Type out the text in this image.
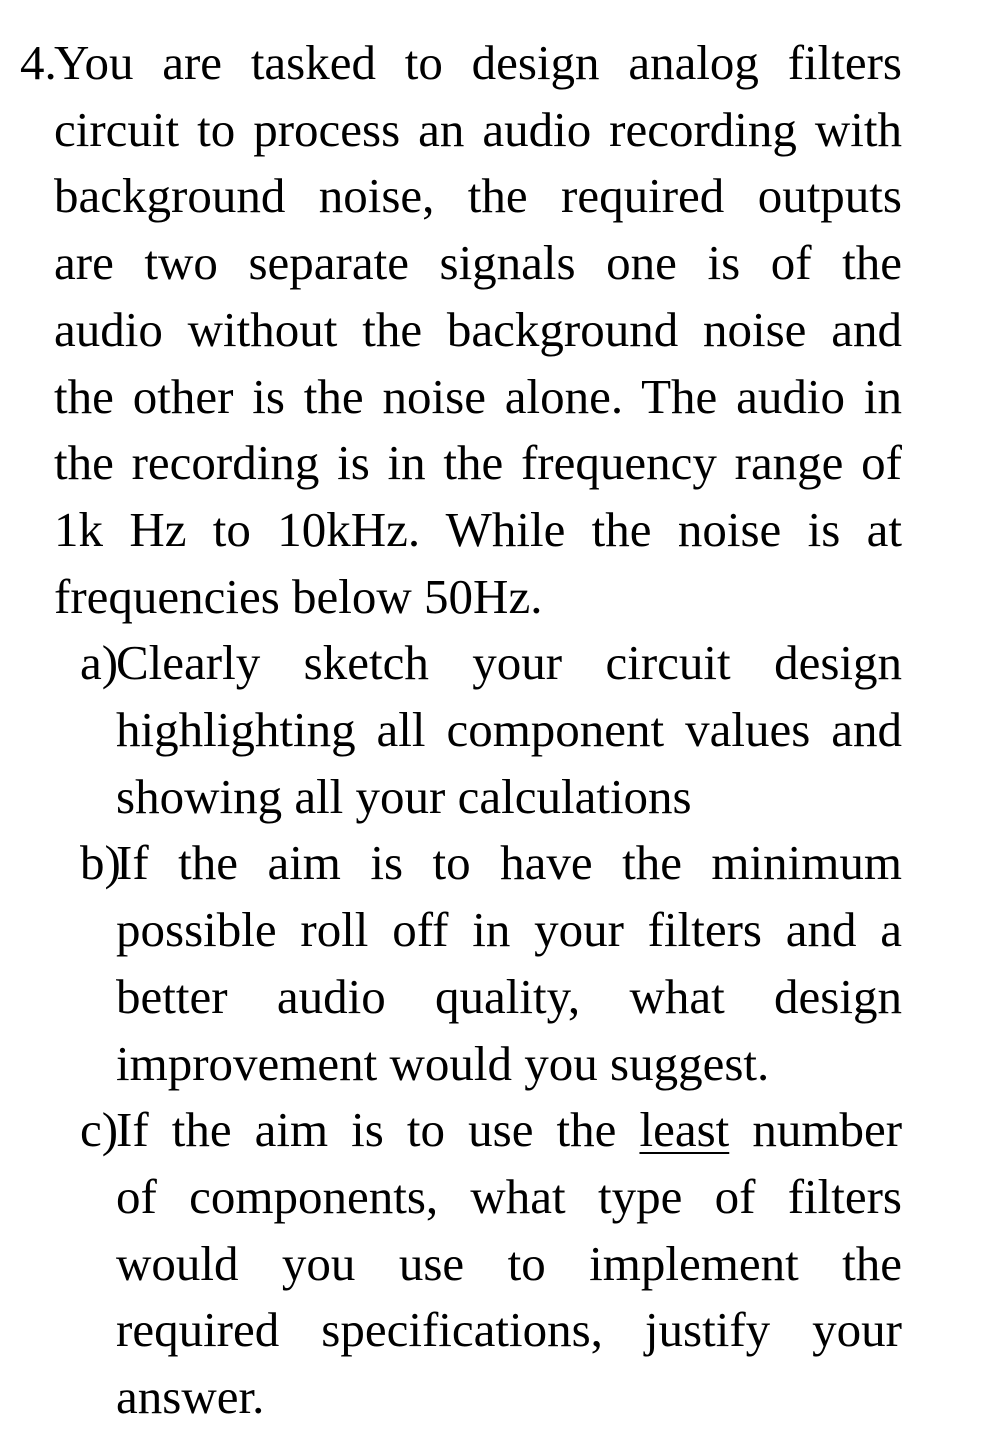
4.
You are tasked to design analog filters
circuit to process an audio recording with
background noise, the required outputs
are two separate signals one is of the
audio without the background noise and
the other is the noise alone. The audio in
the recording is in the frequency range of
1k Hz to 10kHz. While the noise is at
frequencies below 50Hz.
a)
Clearly sketch your circuit design
highlighting all component values and
showing all your calculations
b)
If the aim is to have the minimum
possible roll off in your filters and a
better audio quality, what design
improvement would you suggest.
c)
If the aim is to use the least number
of components, what type of filters
would you use to implement the
required specifications, justify your
answer.
